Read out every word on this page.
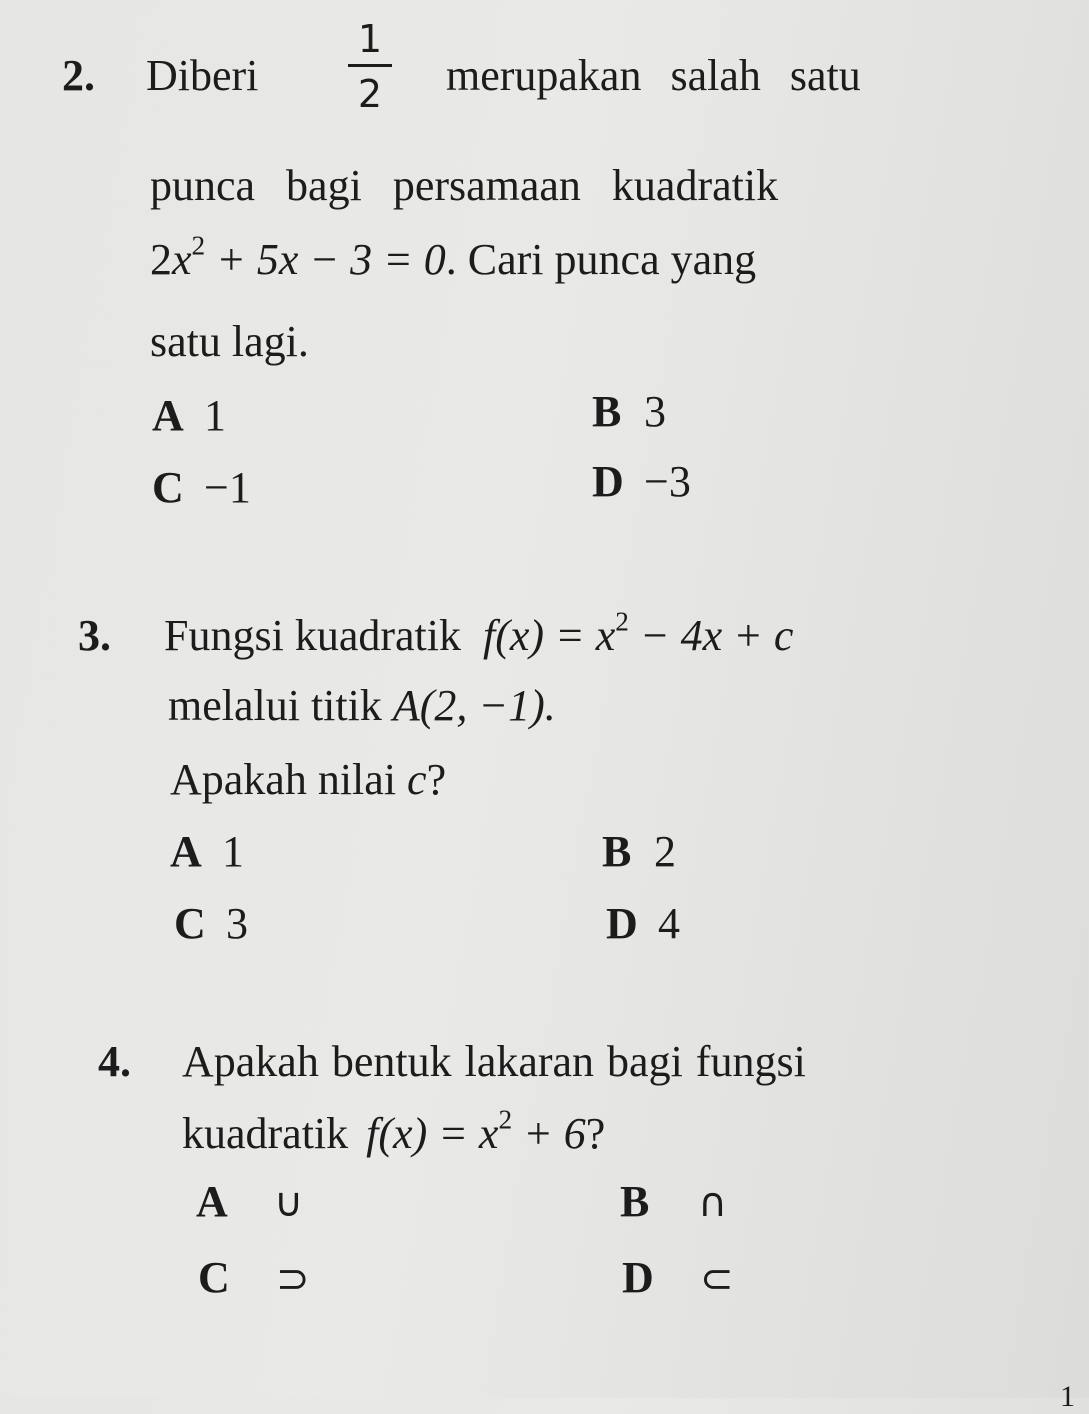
2. Diberi
1
2 merupakan salah satu
punca bagi persamaan kuadratik
$2x^2 + 5x - 3 = 0$. Cari punca yang
satu lagi.
A 1	B 3
C −1	D −3
3. Fungsi kuadratik $f(x) = x^2 - 4x + c$
melalui titik A(2, −1).
Apakah nilai c?
A 1	B 2
C 3	D 4
4. Apakah bentuk lakaran bagi fungsi
kuadratik $f(x) = x^2 + 6$?
A ∪	B ∩
C ⊃	D ⊂
1
